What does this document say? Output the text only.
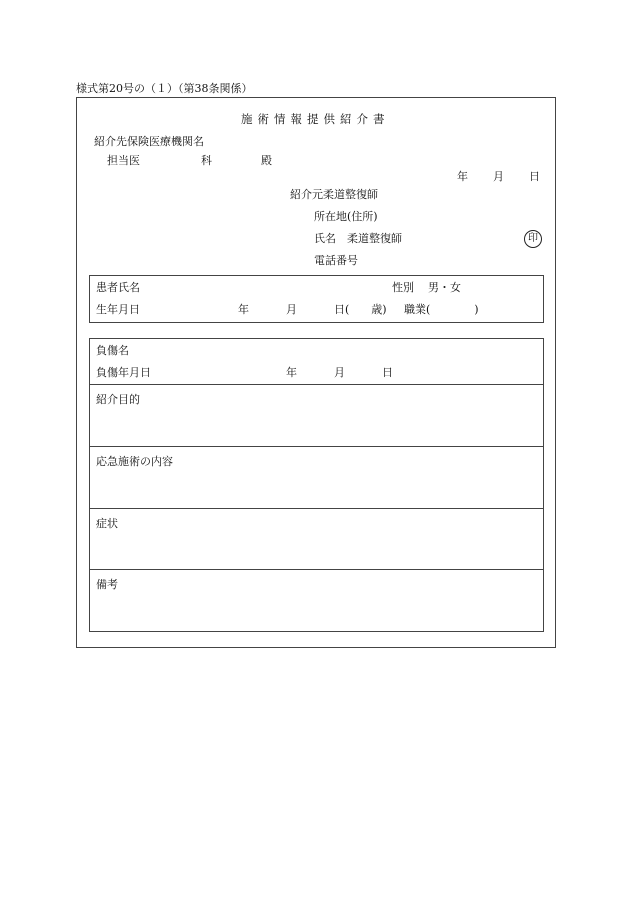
様式第20号の（１）（第38条関係）
施術情報提供紹介書
紹介先保険医療機関名
担当医	科	殿
年 月 日
紹介元柔道整復師
所在地(住所)
氏名　柔道整復師	印
電話番号
患者氏名	性別 男・女
生年月日	年	月	日(　　歳) 職業(　　　　)
負傷名
負傷年月日	年	月	日
紹介目的
応急施術の内容
症状
備考
